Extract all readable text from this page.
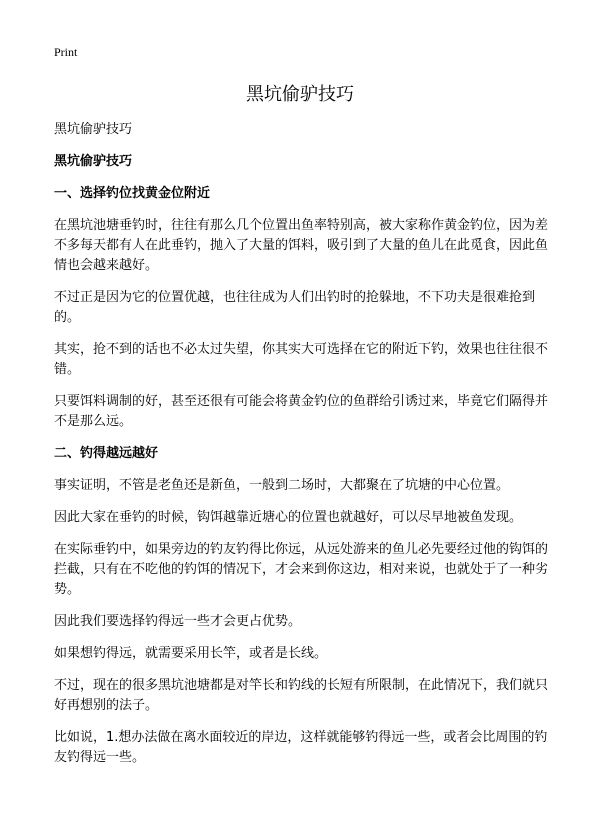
Print
黑坑偷驴技巧

黑坑偷驴技巧

黑坑偷驴技巧

一、选择钓位找黄金位附近

在黑坑池塘垂钓时，往往有那么几个位置出鱼率特别高，被大家称作黄金钓位，因为差不多每天都有人在此垂钓，抛入了大量的饵料，吸引到了大量的鱼儿在此觅食，因此鱼情也会越来越好。

不过正是因为它的位置优越，也往往成为人们出钓时的抢躲地，不下功夫是很难抢到的。

其实，抢不到的话也不必太过失望，你其实大可选择在它的附近下钓，效果也往往很不错。

只要饵料调制的好，甚至还很有可能会将黄金钓位的鱼群给引诱过来，毕竟它们隔得并不是那么远。

二、钓得越远越好

事实证明，不管是老鱼还是新鱼，一般到二场时，大都聚在了坑塘的中心位置。

因此大家在垂钓的时候，钩饵越靠近塘心的位置也就越好，可以尽早地被鱼发现。

在实际垂钓中，如果旁边的钓友钓得比你远，从远处游来的鱼儿必先要经过他的钩饵的拦截，只有在不吃他的钓饵的情况下，才会来到你这边，相对来说，也就处于了一种劣势。

因此我们要选择钓得远一些才会更占优势。

如果想钓得远，就需要采用长竿，或者是长线。

不过，现在的很多黑坑池塘都是对竿长和钓线的长短有所限制，在此情况下，我们就只好再想别的法子。

比如说，1.想办法做在离水面较近的岸边，这样就能够钓得远一些，或者会比周围的钓友钓得远一些。
